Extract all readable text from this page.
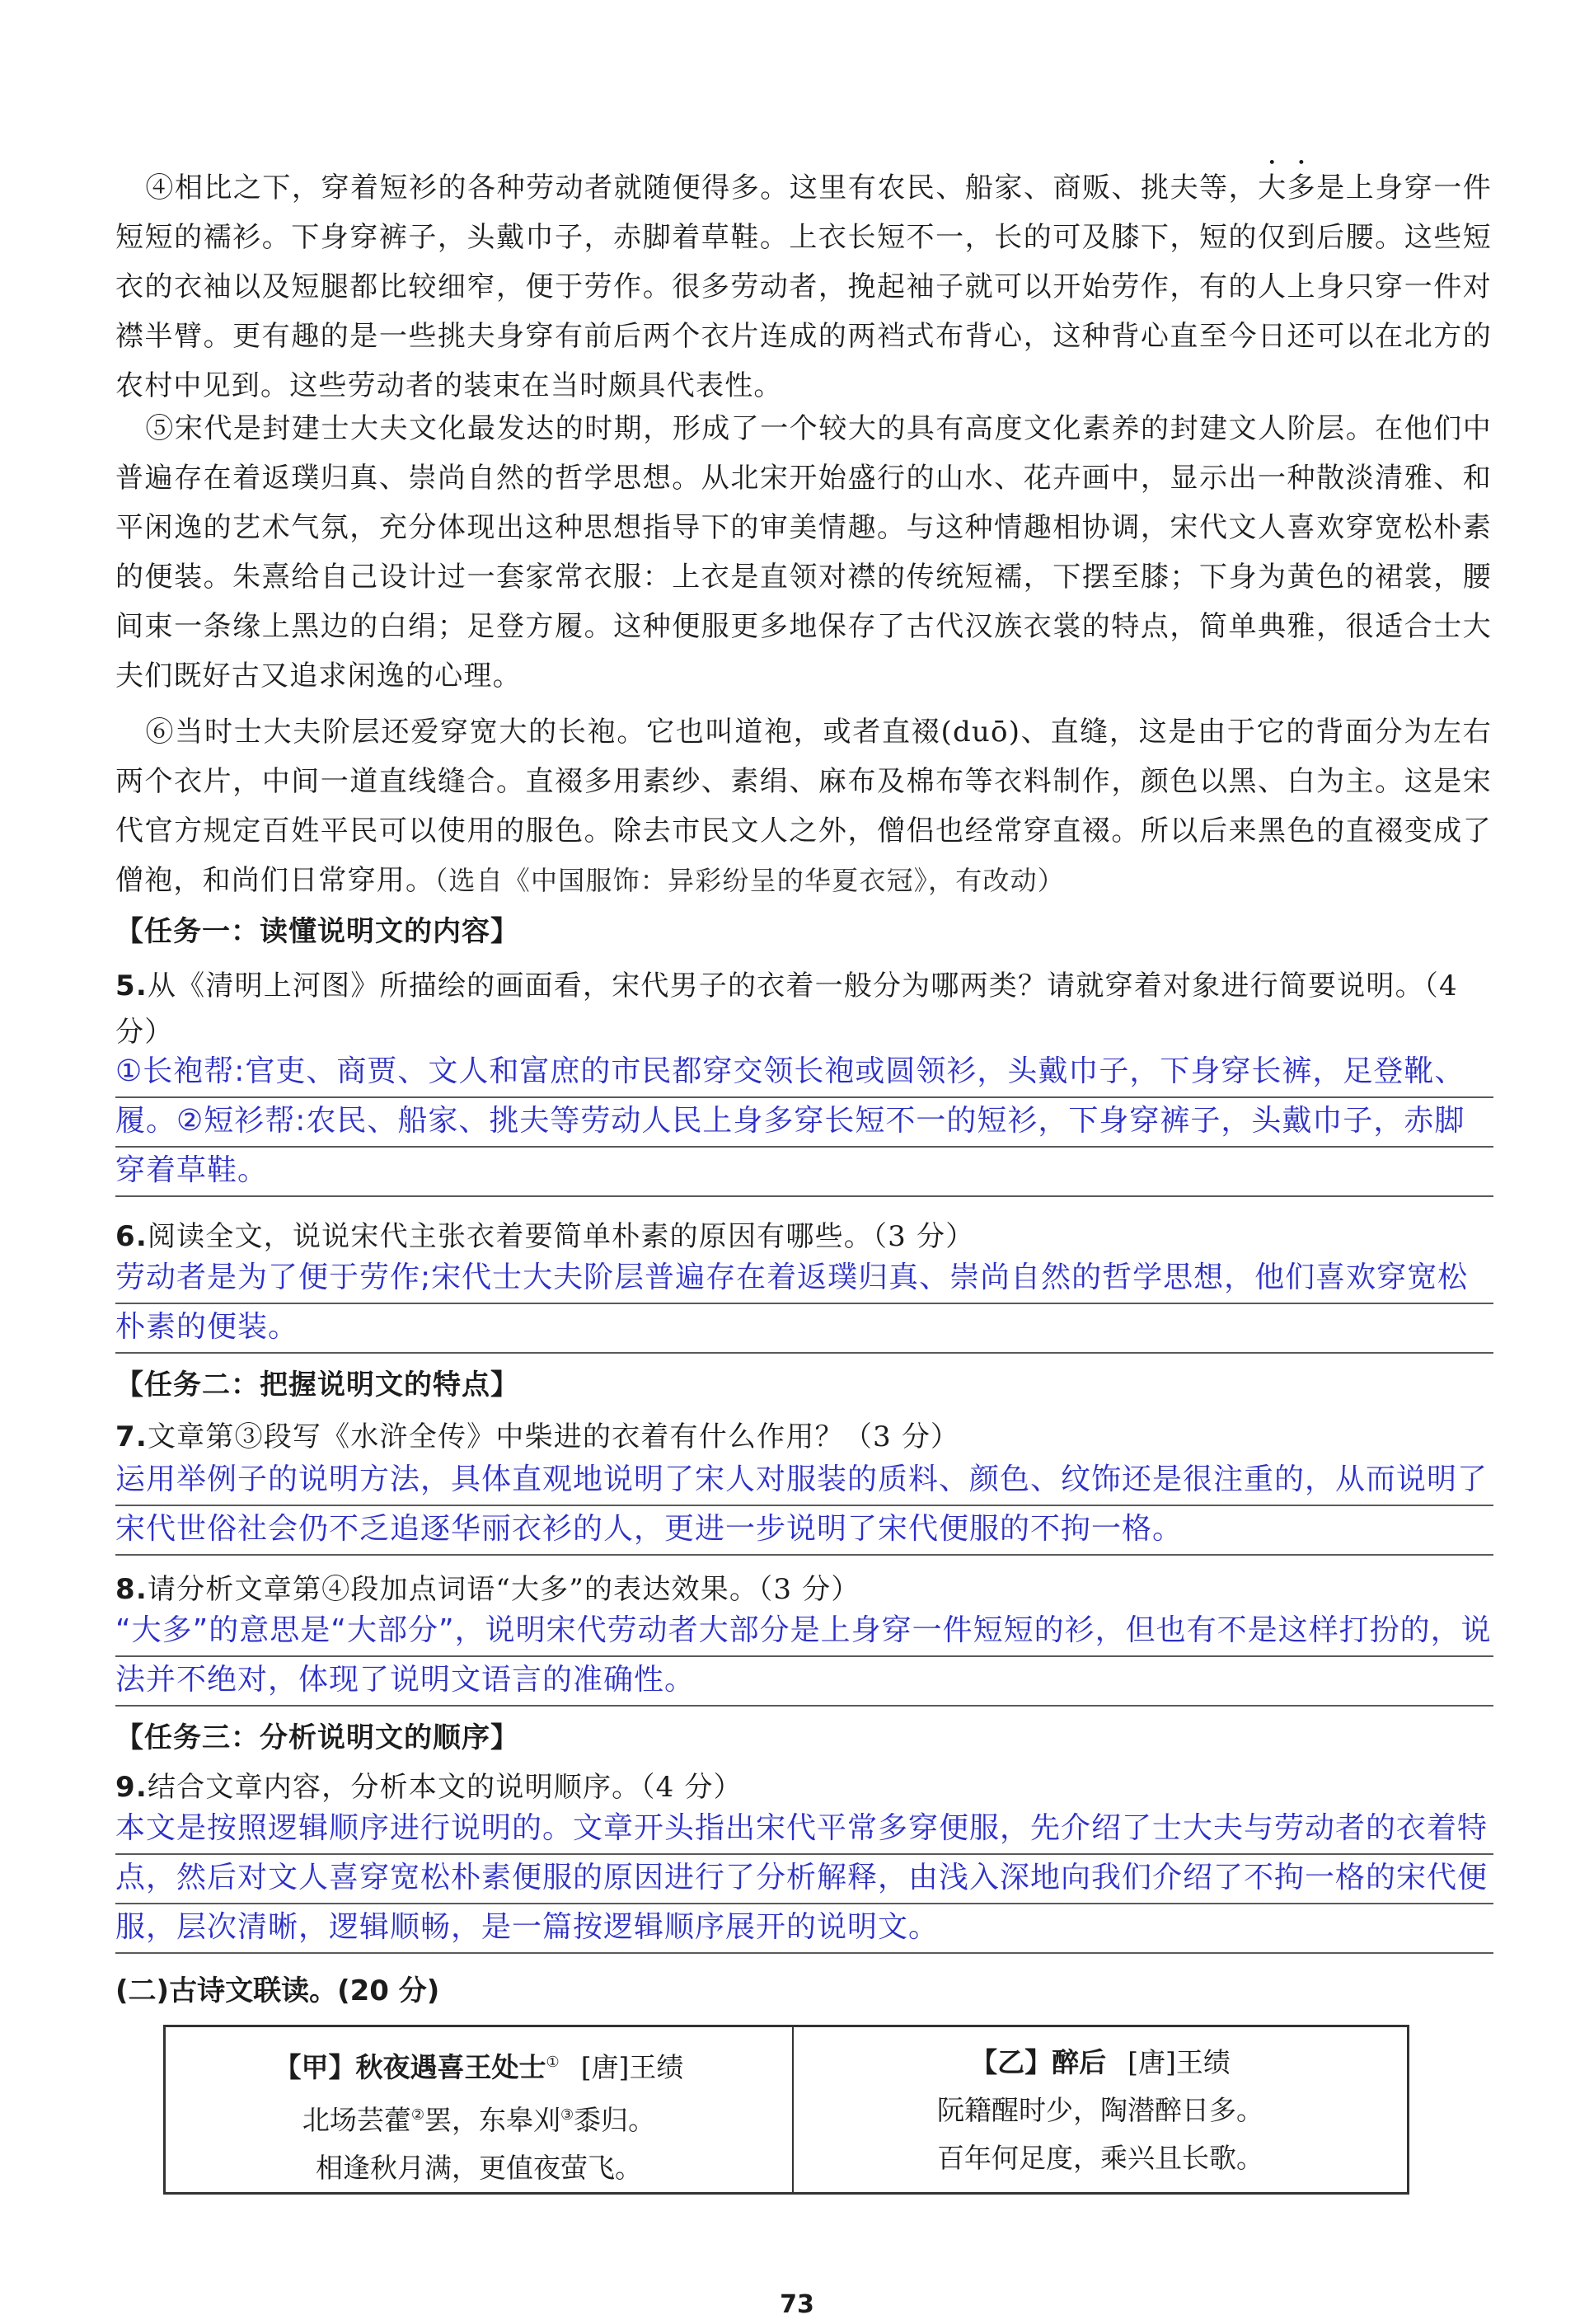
④相比之下，穿着短衫的各种劳动者就随便得多。这里有农民、船家、商贩、挑夫等，大多是上身穿一件短短的襦衫。下身穿裤子，头戴巾子，赤脚着草鞋。上衣长短不一，长的可及膝下，短的仅到后腰。这些短衣的衣袖以及短腿都比较细窄，便于劳作。很多劳动者，挽起袖子就可以开始劳作，有的人上身只穿一件对襟半臂。更有趣的是一些挑夫身穿有前后两个衣片连成的两裆式布背心，这种背心直至今日还可以在北方的农村中见到。这些劳动者的装束在当时颇具代表性。
⑤宋代是封建士大夫文化最发达的时期，形成了一个较大的具有高度文化素养的封建文人阶层。在他们中普遍存在着返璞归真、崇尚自然的哲学思想。从北宋开始盛行的山水、花卉画中，显示出一种散淡清雅、和平闲逸的艺术气氛，充分体现出这种思想指导下的审美情趣。与这种情趣相协调，宋代文人喜欢穿宽松朴素的便装。朱熹给自己设计过一套家常衣服：上衣是直领对襟的传统短襦，下摆至膝；下身为黄色的裙裳，腰间束一条缘上黑边的白绢；足登方履。这种便服更多地保存了古代汉族衣裳的特点，简单典雅，很适合士大夫们既好古又追求闲逸的心理。
⑥当时士大夫阶层还爱穿宽大的长袍。它也叫道袍，或者直裰(duō)、直缝，这是由于它的背面分为左右两个衣片，中间一道直线缝合。直裰多用素纱、素绢、麻布及棉布等衣料制作，颜色以黑、白为主。这是宋代官方规定百姓平民可以使用的服色。除去市民文人之外，僧侣也经常穿直裰。所以后来黑色的直裰变成了僧袍，和尚们日常穿用。（选自《中国服饰：异彩纷呈的华夏衣冠》，有改动）
【任务一：读懂说明文的内容】
5.从《清明上河图》所描绘的画面看，宋代男子的衣着一般分为哪两类？请就穿着对象进行简要说明。（4 分）
①长袍帮:官吏、商贾、文人和富庶的市民都穿交领长袍或圆领衫，头戴巾子，下身穿长裤，足登靴、履。②短衫帮:农民、船家、挑夫等劳动人民上身多穿长短不一的短衫，下身穿裤子，头戴巾子，赤脚穿着草鞋。
6.阅读全文，说说宋代主张衣着要简单朴素的原因有哪些。（3 分）
劳动者是为了便于劳作;宋代士大夫阶层普遍存在着返璞归真、崇尚自然的哲学思想，他们喜欢穿宽松朴素的便装。
【任务二：把握说明文的特点】
7.文章第③段写《水浒全传》中柴进的衣着有什么作用？（3 分）
运用举例子的说明方法，具体直观地说明了宋人对服装的质料、颜色、纹饰还是很注重的，从而说明了宋代世俗社会仍不乏追逐华丽衣衫的人，更进一步说明了宋代便服的不拘一格。
8.请分析文章第④段加点词语“大多”的表达效果。（3 分）
“大多”的意思是“大部分”，说明宋代劳动者大部分是上身穿一件短短的衫，但也有不是这样打扮的，说法并不绝对，体现了说明文语言的准确性。
【任务三：分析说明文的顺序】
9.结合文章内容，分析本文的说明顺序。（4 分）
本文是按照逻辑顺序进行说明的。文章开头指出宋代平常多穿便服，先介绍了士大夫与劳动者的衣着特点，然后对文人喜穿宽松朴素便服的原因进行了分析解释，由浅入深地向我们介绍了不拘一格的宋代便服，层次清晰，逻辑顺畅，是一篇按逻辑顺序展开的说明文。
(二)古诗文联读。(20 分)
【甲】秋夜遇喜王处士① [唐]王绩
北场芸藿②罢，东皋刈③黍归。
相逢秋月满，更值夜萤飞。
【乙】醉后 [唐]王绩
阮籍醒时少，陶潜醉日多。
百年何足度，乘兴且长歌。
73
